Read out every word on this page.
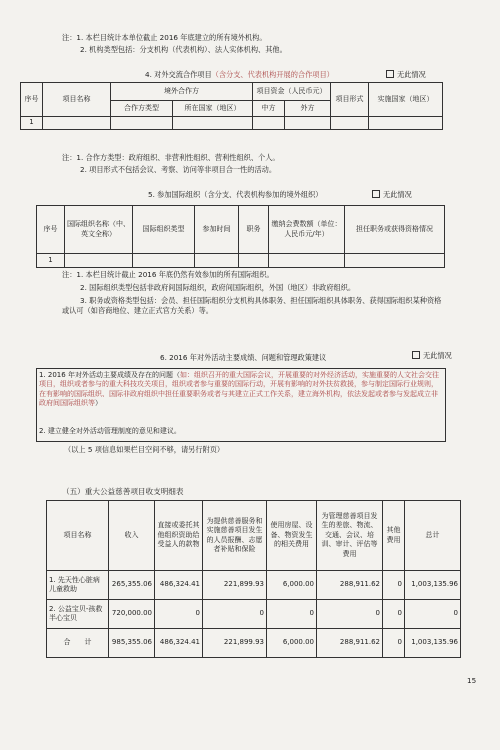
注：1. 本栏目统计本单位截止 2016 年底建立的所有境外机构。
2. 机构类型包括：分支机构（代表机构）、法人实体机构、其他。
4. 对外交流合作项目（含分支、代表机构开展的合作项目）	无此情况
序号	项目名称	境外合作方		项目资金（人民币元）		项目形式	实施国家（地区）
		合作方类型	所在国家（地区）	中方	外方		
1							
注：1. 合作方类型：政府组织、非营利性组织、营利性组织、个人。
2. 项目形式不包括会议、考察、访问等非项目合一性的活动。
5. 参加国际组织（含分支、代表机构参加的境外组织）	无此情况
序号	国际组织名称（中、英文全称）	国际组织类型	参加时间	职务	缴纳会费数额（单位：人民币元/年）	担任职务或获得资格情况
1						
注：1. 本栏目统计截止 2016 年底仍然有效参加的所有国际组织。
2. 国际组织类型包括非政府间国际组织，政府间国际组织，外国（地区）非政府组织。
3. 职务或资格类型包括：会员、担任国际组织分支机构具体职务、担任国际组织具体职务、获得国际组织某种资格或认可（如咨商地位、建立正式官方关系）等。
6. 2016 年对外活动主要成绩、问题和管理政策建议	无此情况
1. 2016 年对外活动主要成绩及存在的问题（如：组织召开的重大国际会议，开展重要的对外经济活动，实施重要的人文社会交往项目，组织或者参与的重大科技攻关项目，组织或者参与重要的国际行动，开展有影响的对外扶贫救援，参与制定国际行业规则，在有影响的国际组织、国际非政府组织中担任重要职务或者与其建立正式工作关系，建立海外机构，依法发起或者参与发起成立非政府间国际组织等）
2. 建立健全对外活动管理制度的意见和建议。
（以上 5 项信息如果栏目空间不够，请另行附页）
（五）重大公益慈善项目收支明细表
项目名称	收入	直接或委托其他组织资助给受益人的款物	为提供慈善服务和实施慈善项目发生的人员报酬、志愿者补贴和保险	使用房屋、设备、物资发生的相关费用	为管理慈善项目发生的差旅、物流、交通、会议、培训、审计、评估等费用	其他费用	总计
1. 先天性心脏病儿童救助	265,355.06	486,324.41	221,899.93	6,000.00	288,911.62	0	1,003,135.96
2. 公益宝贝-孩救半心宝贝	720,000.00	0	0	0	0	0	0
合　　计	985,355.06	486,324.41	221,899.93	6,000.00	288,911.62	0	1,003,135.96
15
